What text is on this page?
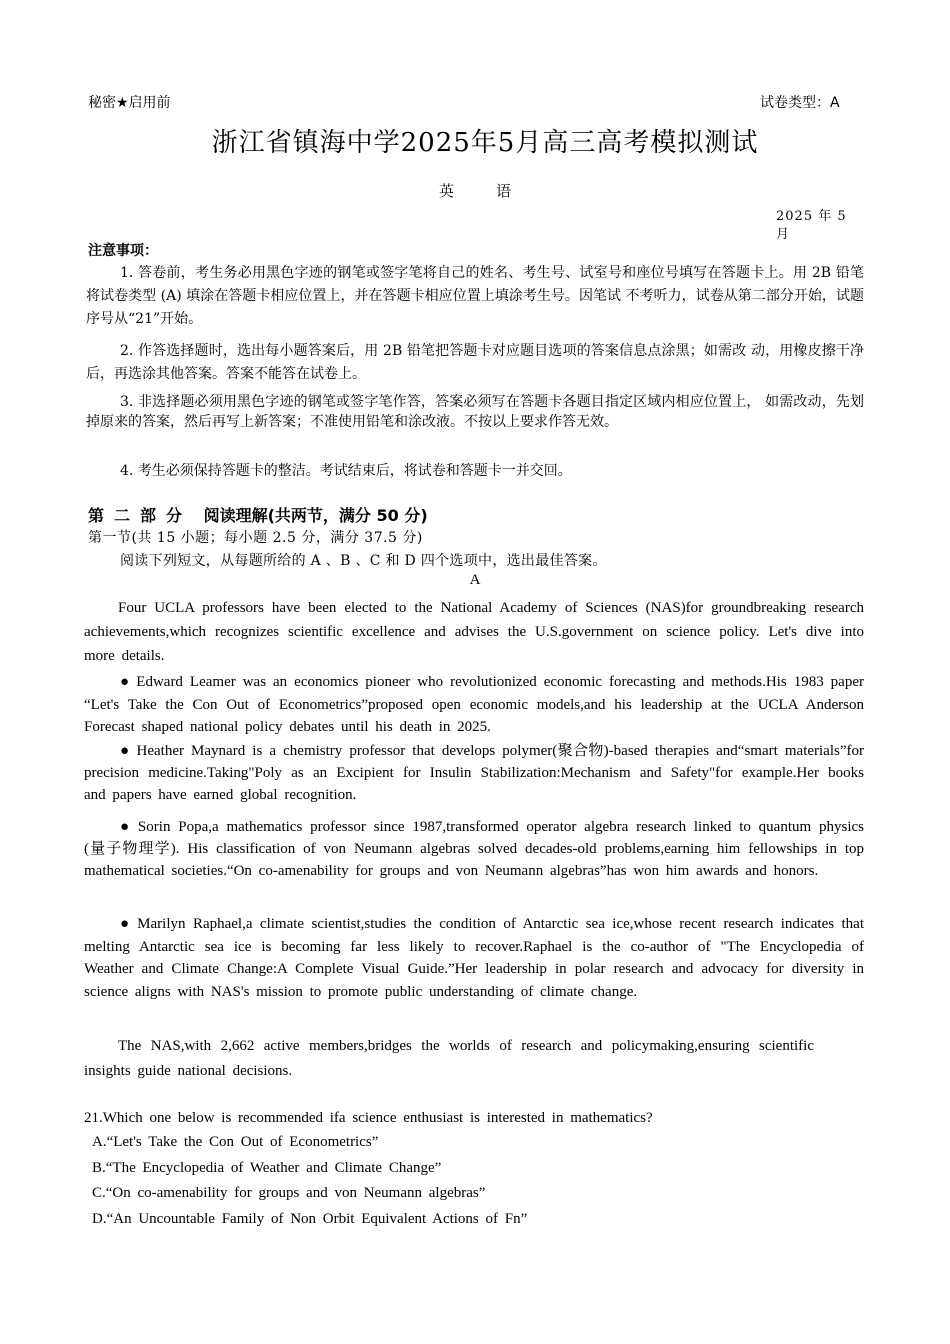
秘密★启用前	试卷类型：A
浙江省镇海中学2025年5月高三高考模拟测试
英语
2025 年 5 月
注意事项：

1. 答卷前，考生务必用黑色字迹的钢笔或签字笔将自己的姓名、考生号、试室号和座位号填写在答题卡上。用 2B 铅笔将试卷类型 (A) 填涂在答题卡相应位置上，并在答题卡相应位置上填涂考生号。因笔试 不考听力，试卷从第二部分开始，试题序号从“21”开始。

2. 作答选择题时，选出每小题答案后，用 2B 铅笔把答题卡对应题目选项的答案信息点涂黑；如需改 动，用橡皮擦干净后，再选涂其他答案。答案不能答在试卷上。

3. 非选择题必须用黑色字迹的钢笔或签字笔作答，答案必须写在答题卡各题目指定区域内相应位置上， 如需改动，先划掉原来的答案，然后再写上新答案；不准使用铅笔和涂改液。不按以上要求作答无效。

4. 考生必须保持答题卡的整洁。考试结束后，将试卷和答题卡一并交回。

第二部分 阅读理解(共两节，满分 50 分)
第一节(共 15 小题；每小题 2.5 分，满分 37.5 分)
阅读下列短文，从每题所给的 A 、B 、C 和 D 四个选项中，选出最佳答案。
A

Four UCLA professors have been elected to the National Academy of Sciences (NAS)for groundbreaking research achievements,which recognizes scientific excellence and advises the U.S.government on science policy. Let's dive into more details.

● Edward Leamer was an economics pioneer who revolutionized economic forecasting and methods.His 1983 paper “Let's Take the Con Out of Econometrics”proposed open economic models,and his leadership at the UCLA Anderson Forecast shaped national policy debates until his death in 2025.

● Heather Maynard is a chemistry professor that develops polymer(聚合物)-based therapies and“smart materials”for precision medicine.Taking"Poly as an Excipient for Insulin Stabilization:Mechanism and Safety"for example.Her books and papers have earned global recognition.

● Sorin Popa,a mathematics professor since 1987,transformed operator algebra research linked to quantum physics (量子物理学). His classification of von Neumann algebras solved decades-old problems,earning him fellowships in top mathematical societies.“On co-amenability for groups and von Neumann algebras”has won him awards and honors.

● Marilyn Raphael,a climate scientist,studies the condition of Antarctic sea ice,whose recent research indicates that melting Antarctic sea ice is becoming far less likely to recover.Raphael is the co-author of "The Encyclopedia of Weather and Climate Change:A Complete Visual Guide.”Her leadership in polar research and advocacy for diversity in science aligns with NAS's mission to promote public understanding of climate change.

The NAS,with 2,662 active members,bridges the worlds of research and policymaking,ensuring scientific insights guide national decisions.

21.Which one below is recommended ifa science enthusiast is interested in mathematics?
A.“Let's Take the Con Out of Econometrics”
B.“The Encyclopedia of Weather and Climate Change”
C.“On co-amenability for groups and von Neumann algebras”
D.“An Uncountable Family of Non Orbit Equivalent Actions of Fn”
